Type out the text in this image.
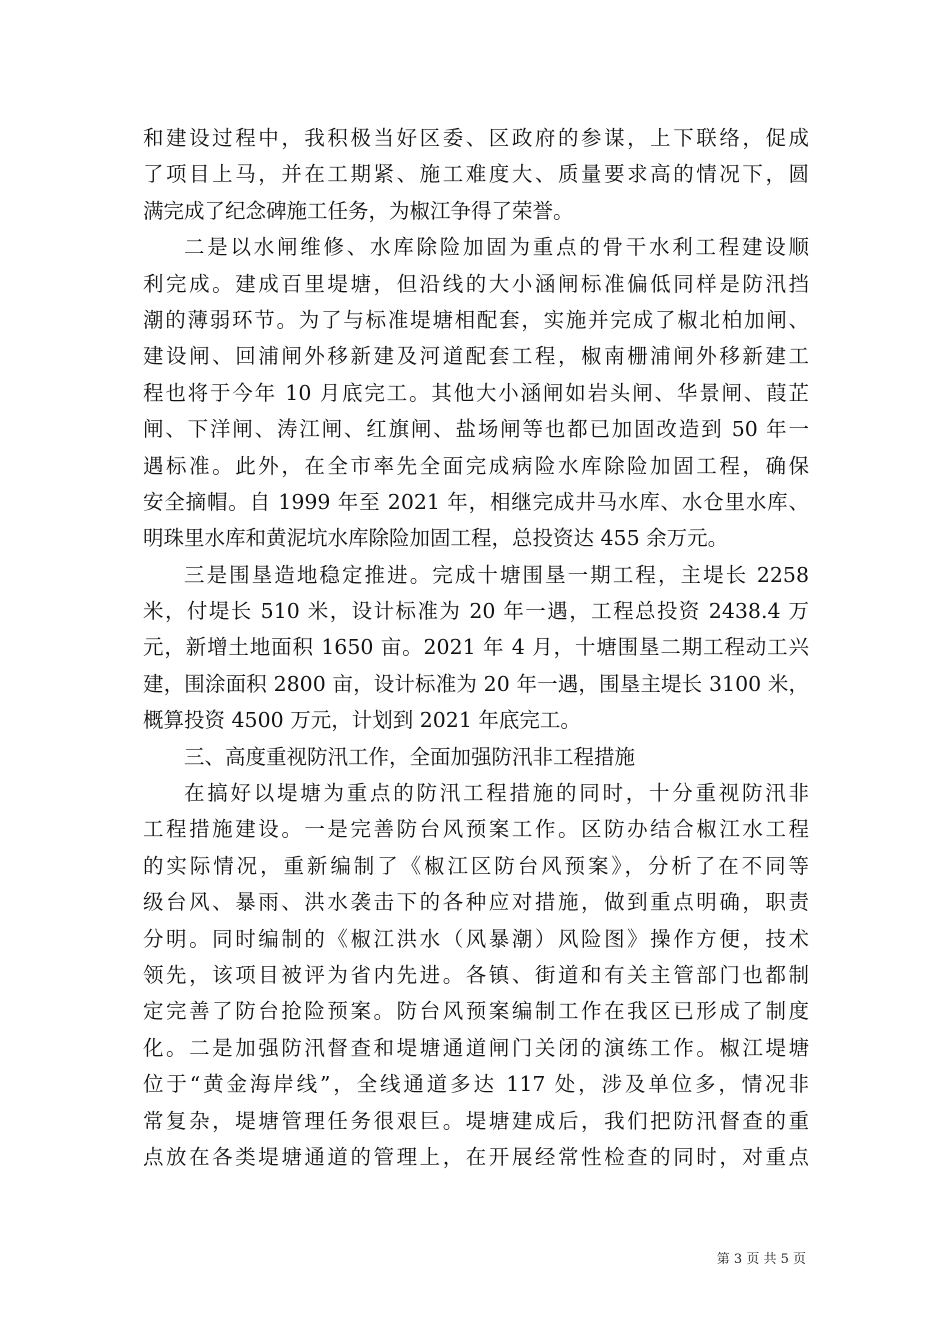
和建设过程中，我积极当好区委、区政府的参谋，上下联络，促成
了项目上马，并在工期紧、施工难度大、质量要求高的情况下，圆
满完成了纪念碑施工任务，为椒江争得了荣誉。
二是以水闸维修、水库除险加固为重点的骨干水利工程建设顺
利完成。建成百里堤塘，但沿线的大小涵闸标准偏低同样是防汛挡
潮的薄弱环节。为了与标准堤塘相配套，实施并完成了椒北柏加闸、
建设闸、回浦闸外移新建及河道配套工程，椒南栅浦闸外移新建工
程也将于今年 10 月底完工。其他大小涵闸如岩头闸、华景闸、葭芷
闸、下洋闸、涛江闸、红旗闸、盐场闸等也都已加固改造到 50 年一
遇标准。此外，在全市率先全面完成病险水库除险加固工程，确保
安全摘帽。自 1999 年至 2021 年，相继完成井马水库、水仓里水库、
明珠里水库和黄泥坑水库除险加固工程，总投资达 455 余万元。
三是围垦造地稳定推进。完成十塘围垦一期工程，主堤长 2258
米，付堤长 510 米，设计标准为 20 年一遇，工程总投资 2438.4 万
元，新增土地面积 1650 亩。2021 年 4 月，十塘围垦二期工程动工兴
建，围涂面积 2800 亩，设计标准为 20 年一遇，围垦主堤长 3100 米，
概算投资 4500 万元，计划到 2021 年底完工。
三、高度重视防汛工作，全面加强防汛非工程措施
在搞好以堤塘为重点的防汛工程措施的同时，十分重视防汛非
工程措施建设。一是完善防台风预案工作。区防办结合椒江水工程
的实际情况，重新编制了《椒江区防台风预案》，分析了在不同等
级台风、暴雨、洪水袭击下的各种应对措施，做到重点明确，职责
分明。同时编制的《椒江洪水（风暴潮）风险图》操作方便，技术
领先，该项目被评为省内先进。各镇、街道和有关主管部门也都制
定完善了防台抢险预案。防台风预案编制工作在我区已形成了制度
化。二是加强防汛督查和堤塘通道闸门关闭的演练工作。椒江堤塘
位于“黄金海岸线”，全线通道多达 117 处，涉及单位多，情况非
常复杂，堤塘管理任务很艰巨。堤塘建成后，我们把防汛督查的重
点放在各类堤塘通道的管理上，在开展经常性检查的同时，对重点
第 3 页 共 5 页
